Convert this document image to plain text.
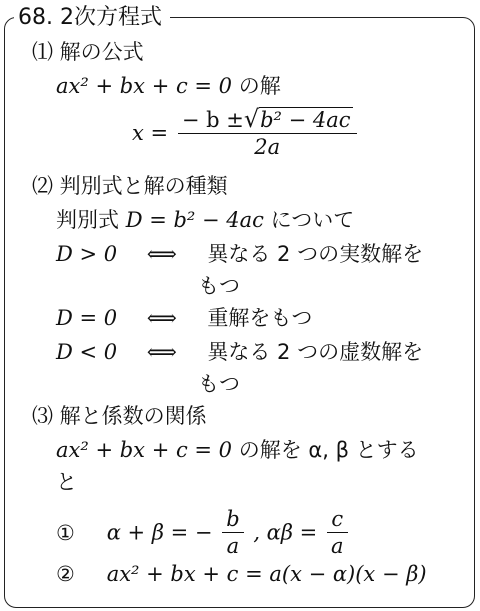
68. 2次方程式
⑴ 解の公式
ax² + bx + c = 0 の解
$x = \frac{\text{− b ±√b² − 4ac}}{2a}$
⑵ 判別式と解の種類
判別式 D = b² − 4ac について
D > 0 ⟺ 異なる 2 つの実数解を
もつ
D = 0 ⟺ 重解をもつ
D < 0 ⟺ 異なる 2 つの虚数解を
もつ
⑶ 解と係数の関係
ax² + bx + c = 0 の解を α, β とする
と
① α + β = − $\frac{b}{a}$ , $\alpha\beta = \frac{c}{a}$
② ax² + bx + c = a(x − α)(x − β)
